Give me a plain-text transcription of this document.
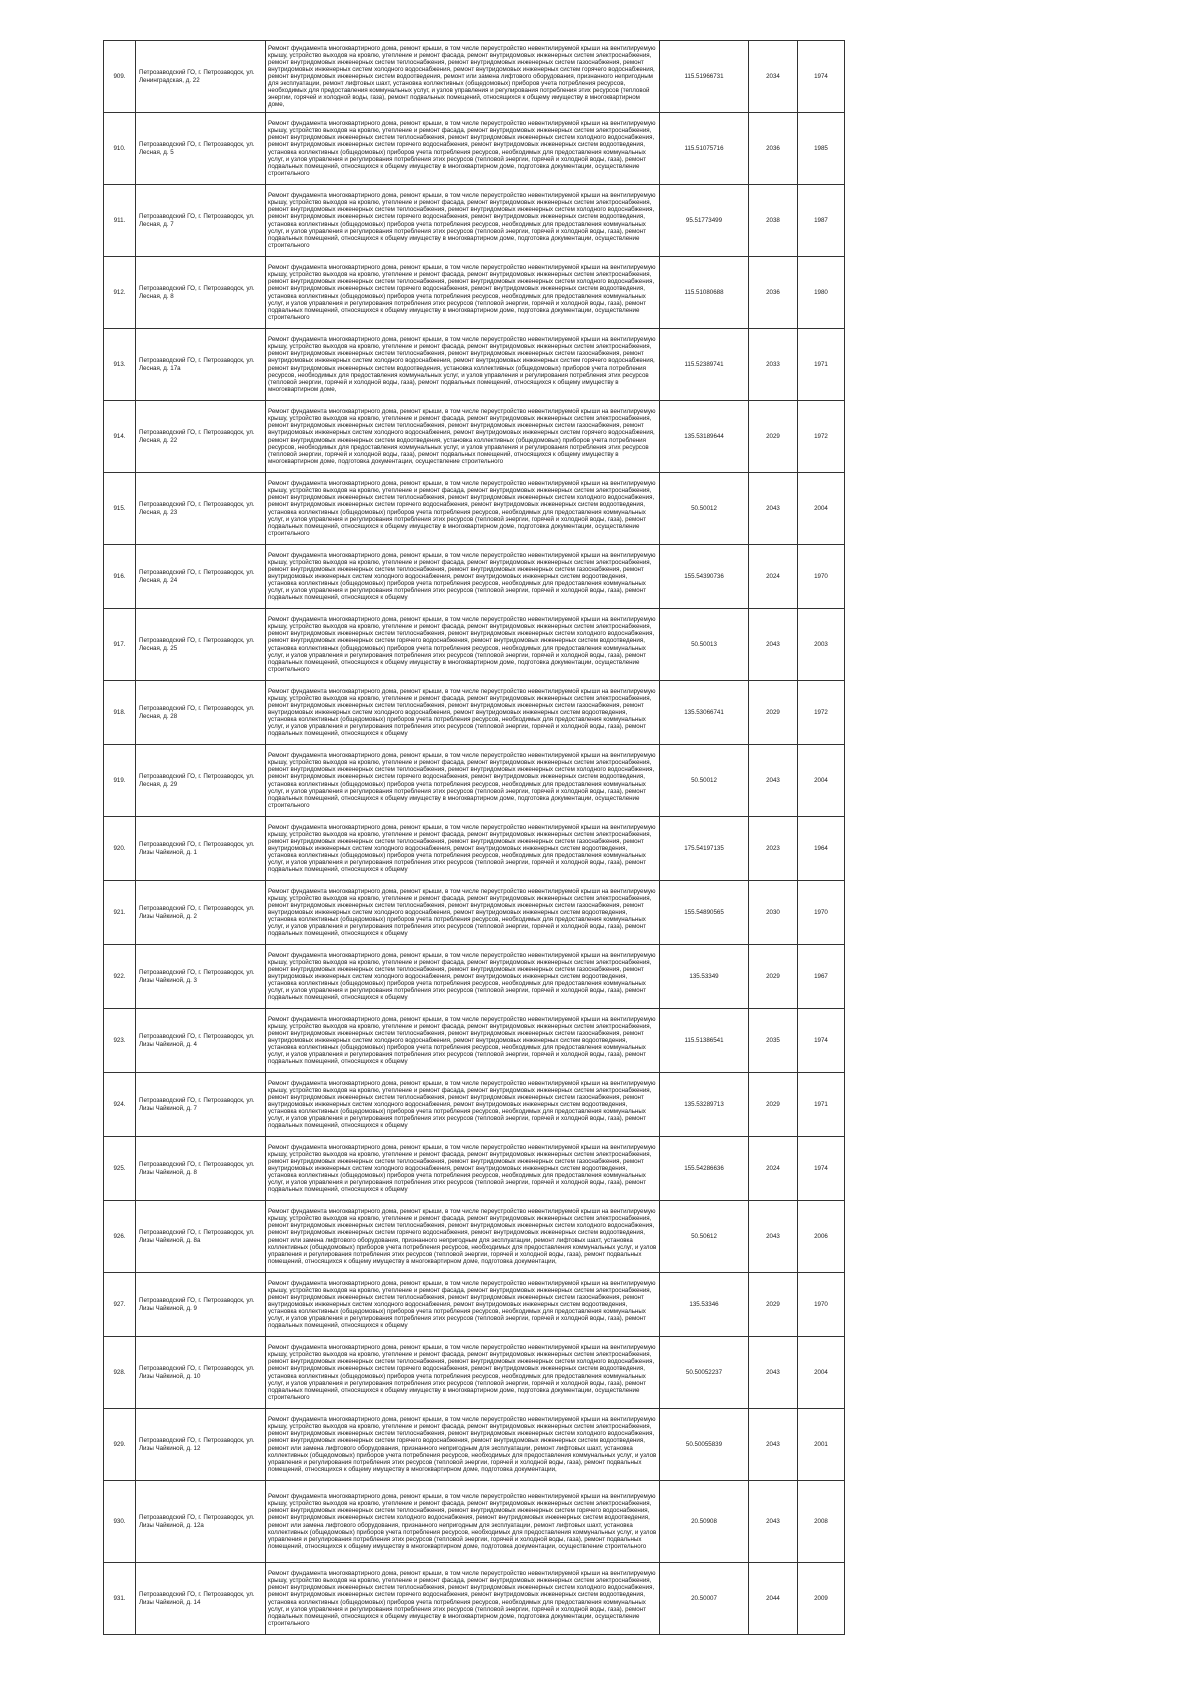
909.	Петрозаводский ГО, г. Петрозаводск, ул. Ленинградская, д. 22	Ремонт фундамента многоквартирного дома, ремонт крыши, в том числе переустройство невентилируемой крыши на вентилируемую крышу, устройство выходов на кровлю, утепление и ремонт фасада, ремонт внутридомовых инженерных систем электроснабжения, ремонт внутридомовых инженерных систем теплоснабжения, ремонт внутридомовых инженерных систем газоснабжения, ремонт внутридомовых инженерных систем холодного водоснабжения, ремонт внутридомовых инженерных систем горячего водоснабжения, ремонт внутридомовых инженерных систем водоотведения, ремонт или замена лифтового оборудования, признанного непригодным для эксплуатации, ремонт лифтовых шахт, установка коллективных (общедомовых) приборов учета потребления ресурсов, необходимых для предоставления коммунальных услуг, и узлов управления и регулирования потребления этих ресурсов (тепловой энергии, горячей и холодной воды, газа), ремонт подвальных помещений, относящихся к общему имуществу в многоквартирном доме,	115.51966731	2034	1974

910.	Петрозаводский ГО, г. Петрозаводск, ул. Лесная, д. 5	Ремонт фундамента многоквартирного дома, ремонт крыши, в том числе переустройство невентилируемой крыши на вентилируемую крышу, устройство выходов на кровлю, утепление и ремонт фасада, ремонт внутридомовых инженерных систем электроснабжения, ремонт внутридомовых инженерных систем теплоснабжения, ремонт внутридомовых инженерных систем холодного водоснабжения, ремонт внутридомовых инженерных систем горячего водоснабжения, ремонт внутридомовых инженерных систем водоотведения, установка коллективных (общедомовых) приборов учета потребления ресурсов, необходимых для предоставления коммунальных услуг, и узлов управления и регулирования потребления этих ресурсов (тепловой энергии, горячей и холодной воды, газа), ремонт подвальных помещений, относящихся к общему имуществу в многоквартирном доме, подготовка документации, осуществление строительного	115.51075716	2036	1985

911.	Петрозаводский ГО, г. Петрозаводск, ул. Лесная, д. 7	Ремонт фундамента многоквартирного дома, ремонт крыши, в том числе переустройство невентилируемой крыши на вентилируемую крышу, устройство выходов на кровлю, утепление и ремонт фасада, ремонт внутридомовых инженерных систем электроснабжения, ремонт внутридомовых инженерных систем теплоснабжения, ремонт внутридомовых инженерных систем холодного водоснабжения, ремонт внутридомовых инженерных систем горячего водоснабжения, ремонт внутридомовых инженерных систем водоотведения, установка коллективных (общедомовых) приборов учета потребления ресурсов, необходимых для предоставления коммунальных услуг, и узлов управления и регулирования потребления этих ресурсов (тепловой энергии, горячей и холодной воды, газа), ремонт подвальных помещений, относящихся к общему имуществу в многоквартирном доме, подготовка документации, осуществление строительного	95.51773499	2038	1987

912.	Петрозаводский ГО, г. Петрозаводск, ул. Лесная, д. 8	Ремонт фундамента многоквартирного дома, ремонт крыши, в том числе переустройство невентилируемой крыши на вентилируемую крышу, устройство выходов на кровлю, утепление и ремонт фасада, ремонт внутридомовых инженерных систем электроснабжения, ремонт внутридомовых инженерных систем теплоснабжения, ремонт внутридомовых инженерных систем холодного водоснабжения, ремонт внутридомовых инженерных систем горячего водоснабжения, ремонт внутридомовых инженерных систем водоотведения, установка коллективных (общедомовых) приборов учета потребления ресурсов, необходимых для предоставления коммунальных услуг, и узлов управления и регулирования потребления этих ресурсов (тепловой энергии, горячей и холодной воды, газа), ремонт подвальных помещений, относящихся к общему имуществу в многоквартирном доме, подготовка документации, осуществление строительного	115.51080688	2036	1980

913.	Петрозаводский ГО, г. Петрозаводск, ул. Лесная, д. 17а	Ремонт фундамента многоквартирного дома, ремонт крыши, в том числе переустройство невентилируемой крыши на вентилируемую крышу, устройство выходов на кровлю, утепление и ремонт фасада, ремонт внутридомовых инженерных систем электроснабжения, ремонт внутридомовых инженерных систем теплоснабжения, ремонт внутридомовых инженерных систем газоснабжения, ремонт внутридомовых инженерных систем холодного водоснабжения, ремонт внутридомовых инженерных систем горячего водоснабжения, ремонт внутридомовых инженерных систем водоотведения, установка коллективных (общедомовых) приборов учета потребления ресурсов, необходимых для предоставления коммунальных услуг, и узлов управления и регулирования потребления этих ресурсов (тепловой энергии, горячей и холодной воды, газа), ремонт подвальных помещений, относящихся к общему имуществу в многоквартирном доме,	115.52389741	2033	1971

914.	Петрозаводский ГО, г. Петрозаводск, ул. Лесная, д. 22	Ремонт фундамента многоквартирного дома, ремонт крыши, в том числе переустройство невентилируемой крыши на вентилируемую крышу, устройство выходов на кровлю, утепление и ремонт фасада, ремонт внутридомовых инженерных систем электроснабжения, ремонт внутридомовых инженерных систем теплоснабжения, ремонт внутридомовых инженерных систем газоснабжения, ремонт внутридомовых инженерных систем холодного водоснабжения, ремонт внутридомовых инженерных систем горячего водоснабжения, ремонт внутридомовых инженерных систем водоотведения, установка коллективных (общедомовых) приборов учета потребления ресурсов, необходимых для предоставления коммунальных услуг, и узлов управления и регулирования потребления этих ресурсов (тепловой энергии, горячей и холодной воды, газа), ремонт подвальных помещений, относящихся к общему имуществу в многоквартирном доме, подготовка документации, осуществление строительного	135.53189644	2029	1972

915.	Петрозаводский ГО, г. Петрозаводск, ул. Лесная, д. 23	Ремонт фундамента многоквартирного дома, ремонт крыши, в том числе переустройство невентилируемой крыши на вентилируемую крышу, устройство выходов на кровлю, утепление и ремонт фасада, ремонт внутридомовых инженерных систем электроснабжения, ремонт внутридомовых инженерных систем теплоснабжения, ремонт внутридомовых инженерных систем холодного водоснабжения, ремонт внутридомовых инженерных систем горячего водоснабжения, ремонт внутридомовых инженерных систем водоотведения, установка коллективных (общедомовых) приборов учета потребления ресурсов, необходимых для предоставления коммунальных услуг, и узлов управления и регулирования потребления этих ресурсов (тепловой энергии, горячей и холодной воды, газа), ремонт подвальных помещений, относящихся к общему имуществу в многоквартирном доме, подготовка документации, осуществление строительного	50.50012	2043	2004

916.	Петрозаводский ГО, г. Петрозаводск, ул. Лесная, д. 24	Ремонт фундамента многоквартирного дома, ремонт крыши, в том числе переустройство невентилируемой крыши на вентилируемую крышу, устройство выходов на кровлю, утепление и ремонт фасада, ремонт внутридомовых инженерных систем электроснабжения, ремонт внутридомовых инженерных систем теплоснабжения, ремонт внутридомовых инженерных систем газоснабжения, ремонт внутридомовых инженерных систем холодного водоснабжения, ремонт внутридомовых инженерных систем водоотведения, установка коллективных (общедомовых) приборов учета потребления ресурсов, необходимых для предоставления коммунальных услуг, и узлов управления и регулирования потребления этих ресурсов (тепловой энергии, горячей и холодной воды, газа), ремонт подвальных помещений, относящихся к общему	155.54390736	2024	1970

917.	Петрозаводский ГО, г. Петрозаводск, ул. Лесная, д. 25	Ремонт фундамента многоквартирного дома, ремонт крыши, в том числе переустройство невентилируемой крыши на вентилируемую крышу, устройство выходов на кровлю, утепление и ремонт фасада, ремонт внутридомовых инженерных систем электроснабжения, ремонт внутридомовых инженерных систем теплоснабжения, ремонт внутридомовых инженерных систем холодного водоснабжения, ремонт внутридомовых инженерных систем горячего водоснабжения, ремонт внутридомовых инженерных систем водоотведения, установка коллективных (общедомовых) приборов учета потребления ресурсов, необходимых для предоставления коммунальных услуг, и узлов управления и регулирования потребления этих ресурсов (тепловой энергии, горячей и холодной воды, газа), ремонт подвальных помещений, относящихся к общему имуществу в многоквартирном доме, подготовка документации, осуществление строительного	50.50013	2043	2003

918.	Петрозаводский ГО, г. Петрозаводск, ул. Лесная, д. 28	Ремонт фундамента многоквартирного дома, ремонт крыши, в том числе переустройство невентилируемой крыши на вентилируемую крышу, устройство выходов на кровлю, утепление и ремонт фасада, ремонт внутридомовых инженерных систем электроснабжения, ремонт внутридомовых инженерных систем теплоснабжения, ремонт внутридомовых инженерных систем газоснабжения, ремонт внутридомовых инженерных систем холодного водоснабжения, ремонт внутридомовых инженерных систем водоотведения, установка коллективных (общедомовых) приборов учета потребления ресурсов, необходимых для предоставления коммунальных услуг, и узлов управления и регулирования потребления этих ресурсов (тепловой энергии, горячей и холодной воды, газа), ремонт подвальных помещений, относящихся к общему	135.53066741	2029	1972

919.	Петрозаводский ГО, г. Петрозаводск, ул. Лесная, д. 29	Ремонт фундамента многоквартирного дома, ремонт крыши, в том числе переустройство невентилируемой крыши на вентилируемую крышу, устройство выходов на кровлю, утепление и ремонт фасада, ремонт внутридомовых инженерных систем электроснабжения, ремонт внутридомовых инженерных систем теплоснабжения, ремонт внутридомовых инженерных систем холодного водоснабжения, ремонт внутридомовых инженерных систем горячего водоснабжения, ремонт внутридомовых инженерных систем водоотведения, установка коллективных (общедомовых) приборов учета потребления ресурсов, необходимых для предоставления коммунальных услуг, и узлов управления и регулирования потребления этих ресурсов (тепловой энергии, горячей и холодной воды, газа), ремонт подвальных помещений, относящихся к общему имуществу в многоквартирном доме, подготовка документации, осуществление строительного	50.50012	2043	2004

920.	Петрозаводский ГО, г. Петрозаводск, ул. Лизы Чайкиной, д. 1	Ремонт фундамента многоквартирного дома, ремонт крыши, в том числе переустройство невентилируемой крыши на вентилируемую крышу, устройство выходов на кровлю, утепление и ремонт фасада, ремонт внутридомовых инженерных систем электроснабжения, ремонт внутридомовых инженерных систем теплоснабжения, ремонт внутридомовых инженерных систем газоснабжения, ремонт внутридомовых инженерных систем холодного водоснабжения, ремонт внутридомовых инженерных систем водоотведения, установка коллективных (общедомовых) приборов учета потребления ресурсов, необходимых для предоставления коммунальных услуг, и узлов управления и регулирования потребления этих ресурсов (тепловой энергии, горячей и холодной воды, газа), ремонт подвальных помещений, относящихся к общему	175.54197135	2023	1964

921.	Петрозаводский ГО, г. Петрозаводск, ул. Лизы Чайкиной, д. 2	Ремонт фундамента многоквартирного дома, ремонт крыши, в том числе переустройство невентилируемой крыши на вентилируемую крышу, устройство выходов на кровлю, утепление и ремонт фасада, ремонт внутридомовых инженерных систем электроснабжения, ремонт внутридомовых инженерных систем теплоснабжения, ремонт внутридомовых инженерных систем газоснабжения, ремонт внутридомовых инженерных систем холодного водоснабжения, ремонт внутридомовых инженерных систем водоотведения, установка коллективных (общедомовых) приборов учета потребления ресурсов, необходимых для предоставления коммунальных услуг, и узлов управления и регулирования потребления этих ресурсов (тепловой энергии, горячей и холодной воды, газа), ремонт подвальных помещений, относящихся к общему	155.54890565	2030	1970

922.	Петрозаводский ГО, г. Петрозаводск, ул. Лизы Чайкиной, д. 3	Ремонт фундамента многоквартирного дома, ремонт крыши, в том числе переустройство невентилируемой крыши на вентилируемую крышу, устройство выходов на кровлю, утепление и ремонт фасада, ремонт внутридомовых инженерных систем электроснабжения, ремонт внутридомовых инженерных систем теплоснабжения, ремонт внутридомовых инженерных систем газоснабжения, ремонт внутридомовых инженерных систем холодного водоснабжения, ремонт внутридомовых инженерных систем водоотведения, установка коллективных (общедомовых) приборов учета потребления ресурсов, необходимых для предоставления коммунальных услуг, и узлов управления и регулирования потребления этих ресурсов (тепловой энергии, горячей и холодной воды, газа), ремонт подвальных помещений, относящихся к общему	135.53349	2029	1967

923.	Петрозаводский ГО, г. Петрозаводск, ул. Лизы Чайкиной, д. 4	Ремонт фундамента многоквартирного дома, ремонт крыши, в том числе переустройство невентилируемой крыши на вентилируемую крышу, устройство выходов на кровлю, утепление и ремонт фасада, ремонт внутридомовых инженерных систем электроснабжения, ремонт внутридомовых инженерных систем теплоснабжения, ремонт внутридомовых инженерных систем газоснабжения, ремонт внутридомовых инженерных систем холодного водоснабжения, ремонт внутридомовых инженерных систем водоотведения, установка коллективных (общедомовых) приборов учета потребления ресурсов, необходимых для предоставления коммунальных услуг, и узлов управления и регулирования потребления этих ресурсов (тепловой энергии, горячей и холодной воды, газа), ремонт подвальных помещений, относящихся к общему	115.51386541	2035	1974

924.	Петрозаводский ГО, г. Петрозаводск, ул. Лизы Чайкиной, д. 7	Ремонт фундамента многоквартирного дома, ремонт крыши, в том числе переустройство невентилируемой крыши на вентилируемую крышу, устройство выходов на кровлю, утепление и ремонт фасада, ремонт внутридомовых инженерных систем электроснабжения, ремонт внутридомовых инженерных систем теплоснабжения, ремонт внутридомовых инженерных систем газоснабжения, ремонт внутридомовых инженерных систем холодного водоснабжения, ремонт внутридомовых инженерных систем водоотведения, установка коллективных (общедомовых) приборов учета потребления ресурсов, необходимых для предоставления коммунальных услуг, и узлов управления и регулирования потребления этих ресурсов (тепловой энергии, горячей и холодной воды, газа), ремонт подвальных помещений, относящихся к общему	135.53289713	2029	1971

925.	Петрозаводский ГО, г. Петрозаводск, ул. Лизы Чайкиной, д. 8	Ремонт фундамента многоквартирного дома, ремонт крыши, в том числе переустройство невентилируемой крыши на вентилируемую крышу, устройство выходов на кровлю, утепление и ремонт фасада, ремонт внутридомовых инженерных систем электроснабжения, ремонт внутридомовых инженерных систем теплоснабжения, ремонт внутридомовых инженерных систем газоснабжения, ремонт внутридомовых инженерных систем холодного водоснабжения, ремонт внутридомовых инженерных систем водоотведения, установка коллективных (общедомовых) приборов учета потребления ресурсов, необходимых для предоставления коммунальных услуг, и узлов управления и регулирования потребления этих ресурсов (тепловой энергии, горячей и холодной воды, газа), ремонт подвальных помещений, относящихся к общему	155.54286636	2024	1974

926.	Петрозаводский ГО, г. Петрозаводск, ул. Лизы Чайкиной, д. 8а	Ремонт фундамента многоквартирного дома, ремонт крыши, в том числе переустройство невентилируемой крыши на вентилируемую крышу, устройство выходов на кровлю, утепление и ремонт фасада, ремонт внутридомовых инженерных систем электроснабжения, ремонт внутридомовых инженерных систем теплоснабжения, ремонт внутридомовых инженерных систем холодного водоснабжения, ремонт внутридомовых инженерных систем горячего водоснабжения, ремонт внутридомовых инженерных систем водоотведения, ремонт или замена лифтового оборудования, признанного непригодным для эксплуатации, ремонт лифтовых шахт, установка коллективных (общедомовых) приборов учета потребления ресурсов, необходимых для предоставления коммунальных услуг, и узлов управления и регулирования потребления этих ресурсов (тепловой энергии, горячей и холодной воды, газа), ремонт подвальных помещений, относящихся к общему имуществу в многоквартирном доме, подготовка документации,	50.50612	2043	2006

927.	Петрозаводский ГО, г. Петрозаводск, ул. Лизы Чайкиной, д. 9	Ремонт фундамента многоквартирного дома, ремонт крыши, в том числе переустройство невентилируемой крыши на вентилируемую крышу, устройство выходов на кровлю, утепление и ремонт фасада, ремонт внутридомовых инженерных систем электроснабжения, ремонт внутридомовых инженерных систем теплоснабжения, ремонт внутридомовых инженерных систем газоснабжения, ремонт внутридомовых инженерных систем холодного водоснабжения, ремонт внутридомовых инженерных систем водоотведения, установка коллективных (общедомовых) приборов учета потребления ресурсов, необходимых для предоставления коммунальных услуг, и узлов управления и регулирования потребления этих ресурсов (тепловой энергии, горячей и холодной воды, газа), ремонт подвальных помещений, относящихся к общему	135.53346	2029	1970

928.	Петрозаводский ГО, г. Петрозаводск, ул. Лизы Чайкиной, д. 10	Ремонт фундамента многоквартирного дома, ремонт крыши, в том числе переустройство невентилируемой крыши на вентилируемую крышу, устройство выходов на кровлю, утепление и ремонт фасада, ремонт внутридомовых инженерных систем электроснабжения, ремонт внутридомовых инженерных систем теплоснабжения, ремонт внутридомовых инженерных систем холодного водоснабжения, ремонт внутридомовых инженерных систем горячего водоснабжения, ремонт внутридомовых инженерных систем водоотведения, установка коллективных (общедомовых) приборов учета потребления ресурсов, необходимых для предоставления коммунальных услуг, и узлов управления и регулирования потребления этих ресурсов (тепловой энергии, горячей и холодной воды, газа), ремонт подвальных помещений, относящихся к общему имуществу в многоквартирном доме, подготовка документации, осуществление строительного	50.50052237	2043	2004

929.	Петрозаводский ГО, г. Петрозаводск, ул. Лизы Чайкиной, д. 12	Ремонт фундамента многоквартирного дома, ремонт крыши, в том числе переустройство невентилируемой крыши на вентилируемую крышу, устройство выходов на кровлю, утепление и ремонт фасада, ремонт внутридомовых инженерных систем электроснабжения, ремонт внутридомовых инженерных систем теплоснабжения, ремонт внутридомовых инженерных систем холодного водоснабжения, ремонт внутридомовых инженерных систем горячего водоснабжения, ремонт внутридомовых инженерных систем водоотведения, ремонт или замена лифтового оборудования, признанного непригодным для эксплуатации, ремонт лифтовых шахт, установка коллективных (общедомовых) приборов учета потребления ресурсов, необходимых для предоставления коммунальных услуг, и узлов управления и регулирования потребления этих ресурсов (тепловой энергии, горячей и холодной воды, газа), ремонт подвальных помещений, относящихся к общему имуществу в многоквартирном доме, подготовка документации,	50.50055839	2043	2001

930.	Петрозаводский ГО, г. Петрозаводск, ул. Лизы Чайкиной, д. 12а	Ремонт фундамента многоквартирного дома, ремонт крыши, в том числе переустройство невентилируемой крыши на вентилируемую крышу, устройство выходов на кровлю, утепление и ремонт фасада, ремонт внутридомовых инженерных систем электроснабжения, ремонт внутридомовых инженерных систем теплоснабжения, ремонт внутридомовых инженерных систем горячего водоснабжения, ремонт внутридомовых инженерных систем холодного водоснабжения, ремонт внутридомовых инженерных систем водоотведения, ремонт или замена лифтового оборудования, признанного непригодным для эксплуатации, ремонт лифтовых шахт, установка коллективных (общедомовых) приборов учета потребления ресурсов, необходимых для предоставления коммунальных услуг, и узлов управления и регулирования потребления этих ресурсов (тепловой энергии, горячей и холодной воды, газа), ремонт подвальных помещений, относящихся к общему имуществу в многоквартирном доме, подготовка документации, осуществление строительного	20.50908	2043	2008

931.	Петрозаводский ГО, г. Петрозаводск, ул. Лизы Чайкиной, д. 14	Ремонт фундамента многоквартирного дома, ремонт крыши, в том числе переустройство невентилируемой крыши на вентилируемую крышу, устройство выходов на кровлю, утепление и ремонт фасада, ремонт внутридомовых инженерных систем электроснабжения, ремонт внутридомовых инженерных систем теплоснабжения, ремонт внутридомовых инженерных систем холодного водоснабжения, ремонт внутридомовых инженерных систем горячего водоснабжения, ремонт внутридомовых инженерных систем водоотведения, установка коллективных (общедомовых) приборов учета потребления ресурсов, необходимых для предоставления коммунальных услуг, и узлов управления и регулирования потребления этих ресурсов (тепловой энергии, горячей и холодной воды, газа), ремонт подвальных помещений, относящихся к общему имуществу в многоквартирном доме, подготовка документации, осуществление строительного	20.50007	2044	2009
